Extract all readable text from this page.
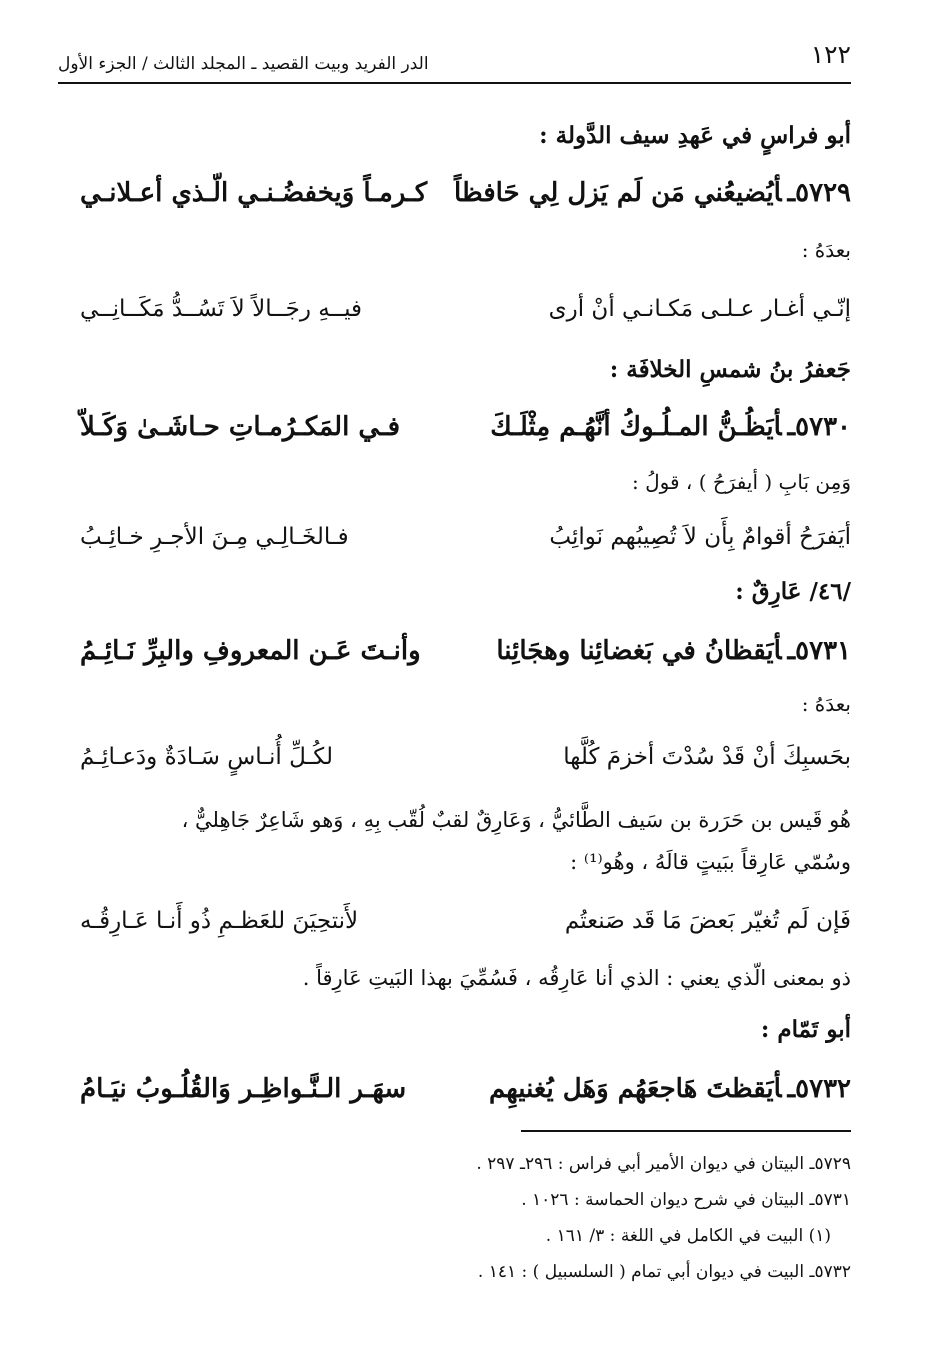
١٢٢
الدر الفريد وبيت القصيد ـ المجلد الثالث / الجزء الأول
أبو فراسٍ في عَهدِ سيف الدَّولة :
٥٧٢٩ـأيُضيعُني مَن لَم يَزل لِي حَافظاً
كـرمـاً وَيخفضُـنـي الّـذي أعـلانـي
بعدَهُ :
إنّـي أغـار عـلـى مَكـانـي أنْ أرى
فيــهِ رجَــالاً لاَ تَسُــدُّ مَكَــانِــي
جَعفرُ بنُ شمسِ الخلافَة :
٥٧٣٠ـأيَظُـنُّ المـلُـوكُ أنَّهُـم مِثْلَـكَ
فـي المَكـرُمـاتِ حـاشَـىٰ وَكَـلاّ
وَمِن بَابِ ( أيفرَحُ ) ، قولُ :
أيَفرَحُ أقوامٌ بِأَن لاَ تُصِيبُهم نَوائِبُ
فـالخَـالِـي مِـنَ الأجـرِ خـائِـبُ
/٤٦/ عَارِقٌ :
٥٧٣١ـأيَقظانُ في بَغضائِنا وهجَائِنا
وأنـتَ عَـن المعروفِ والبِرِّ نَـائِـمُ
بعدَهُ :
بحَسبِكَ أنْ قَدْ سُدْتَ أخزمَ كُلَّها
لكُـلِّ أُنـاسٍ سَـادَةٌ ودَعـائِـمُ
هُو قَيس بن حَرَرة بن سَيف الطَّائيُّ ، وَعَارِقٌ لقبٌ لُقّب بِهِ ، وَهو شَاعِرٌ جَاهِليٌّ ،
وسُمّي عَارِقاً ببَيتٍ قالَهُ ، وهُو⁽¹⁾ :
فَإن لَم تُغيّر بَعضَ مَا قَد صَنعتُم
لأَنتحِيَنَ للعَظـمِ ذُو أَنـا عَـارِقُـه
ذو بمعنى الّذي يعني : الذي أنا عَارِقُه ، فَسُمِّيَ بهذا البَيتِ عَارِقاً .
أبو تَمّام :
٥٧٣٢ـأيَقظتَ هَاجعَهُم وَهَل يُغنيهِم
سهَـر الـنَّـواظِـر وَالقُلُـوبُ نيَـامُ
٥٧٢٩ـ البيتان في ديوان الأمير أبي فراس : ٢٩٦ـ ٢٩٧ .
٥٧٣١ـ البيتان في شرح ديوان الحماسة : ١٠٢٦ .
(١) البيت في الكامل في اللغة : ٣/ ١٦١ .
٥٧٣٢ـ البيت في ديوان أبي تمام ( السلسبيل ) : ١٤١ .
